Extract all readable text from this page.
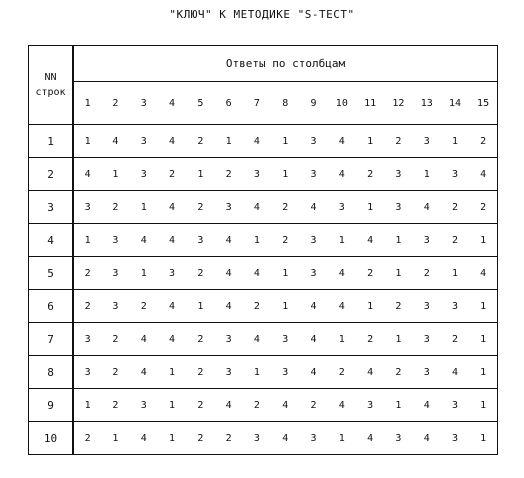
"КЛЮЧ" К МЕТОДИКЕ "S-ТЕСТ"
NN
строк	Ответы по столбцам														
	1	2	3	4	5	6	7	8	9	10	11	12	13	14	15
1	1	4	3	4	2	1	4	1	3	4	1	2	3	1	2
2	4	1	3	2	1	2	3	1	3	4	2	3	1	3	4
3	3	2	1	4	2	3	4	2	4	3	1	3	4	2	2
4	1	3	4	4	3	4	1	2	3	1	4	1	3	2	1
5	2	3	1	3	2	4	4	1	3	4	2	1	2	1	4
6	2	3	2	4	1	4	2	1	4	4	1	2	3	3	1
7	3	2	4	4	2	3	4	3	4	1	2	1	3	2	1
8	3	2	4	1	2	3	1	3	4	2	4	2	3	4	1
9	1	2	3	1	2	4	2	4	2	4	3	1	4	3	1
10	2	1	4	1	2	2	3	4	3	1	4	3	4	3	1
